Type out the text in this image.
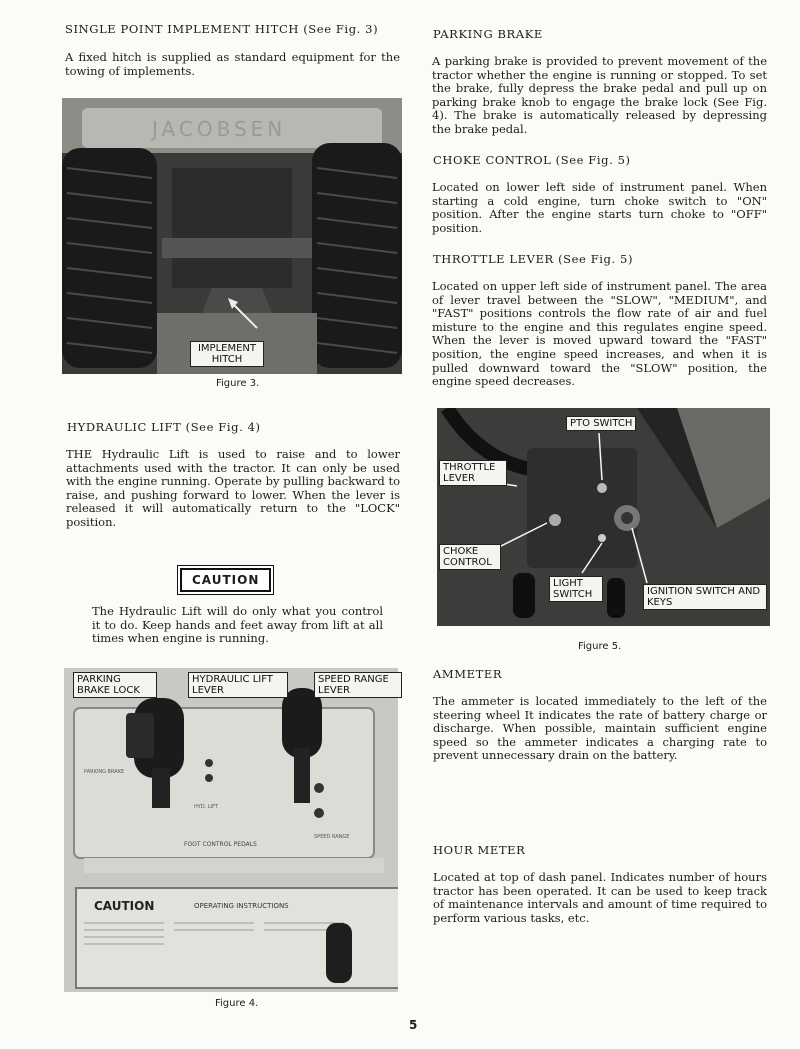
SINGLE POINT IMPLEMENT HITCH (See Fig. 3)
A fixed hitch is supplied as standard equipment for the towing of implements.
JACOBSEN
IMPLEMENT HITCH
Figure 3.
HYDRAULIC LIFT (See Fig. 4)
THE Hydraulic Lift is used to raise and to lower attachments used with the tractor. It can only be used with the engine running. Operate by pulling backward to raise, and pushing forward to lower. When the lever is released it will automatically return to the "LOCK" position.
CAUTION
The Hydraulic Lift will do only what you control it to do. Keep hands and feet away from lift at all times when engine is running.
PARKING BRAKE
HYD. LIFT
SPEED RANGE
FOOT CONTROL PEDALS
CAUTION	OPERATING INSTRUCTIONS
PARKING BRAKE LOCK
HYDRAULIC LIFT LEVER
SPEED RANGE LEVER
Figure 4.
PARKING BRAKE
A parking brake is provided to prevent movement of the tractor whether the engine is running or stopped. To set the brake, fully depress the brake pedal and pull up on parking brake knob to engage the brake lock (See Fig. 4). The brake is automatically released by depressing the brake pedal.
CHOKE CONTROL (See Fig. 5)
Located on lower left side of instrument panel. When starting a cold engine, turn choke switch to "ON" position. After the engine starts turn choke to "OFF" position.
THROTTLE LEVER (See Fig. 5)
Located on upper left side of instrument panel. The area of lever travel between the "SLOW", "MEDIUM", and "FAST" positions controls the flow rate of air and fuel misture to the engine and this regulates engine speed. When the lever is moved upward toward the "FAST" position, the engine speed increases, and when it is pulled downward toward the "SLOW" position, the engine speed decreases.
PTO SWITCH
THROTTLE LEVER
CHOKE CONTROL
LIGHT SWITCH	IGNITION SWITCH AND KEYS
Figure 5.
AMMETER
The ammeter is located immediately to the left of the steering wheel It indicates the rate of battery charge or discharge. When possible, maintain sufficient engine speed so the ammeter indicates a charging rate to prevent unnecessary drain on the battery.
HOUR METER
Located at top of dash panel. Indicates number of hours tractor has been operated. It can be used to keep track of maintenance intervals and amount of time required to perform various tasks, etc.
5
